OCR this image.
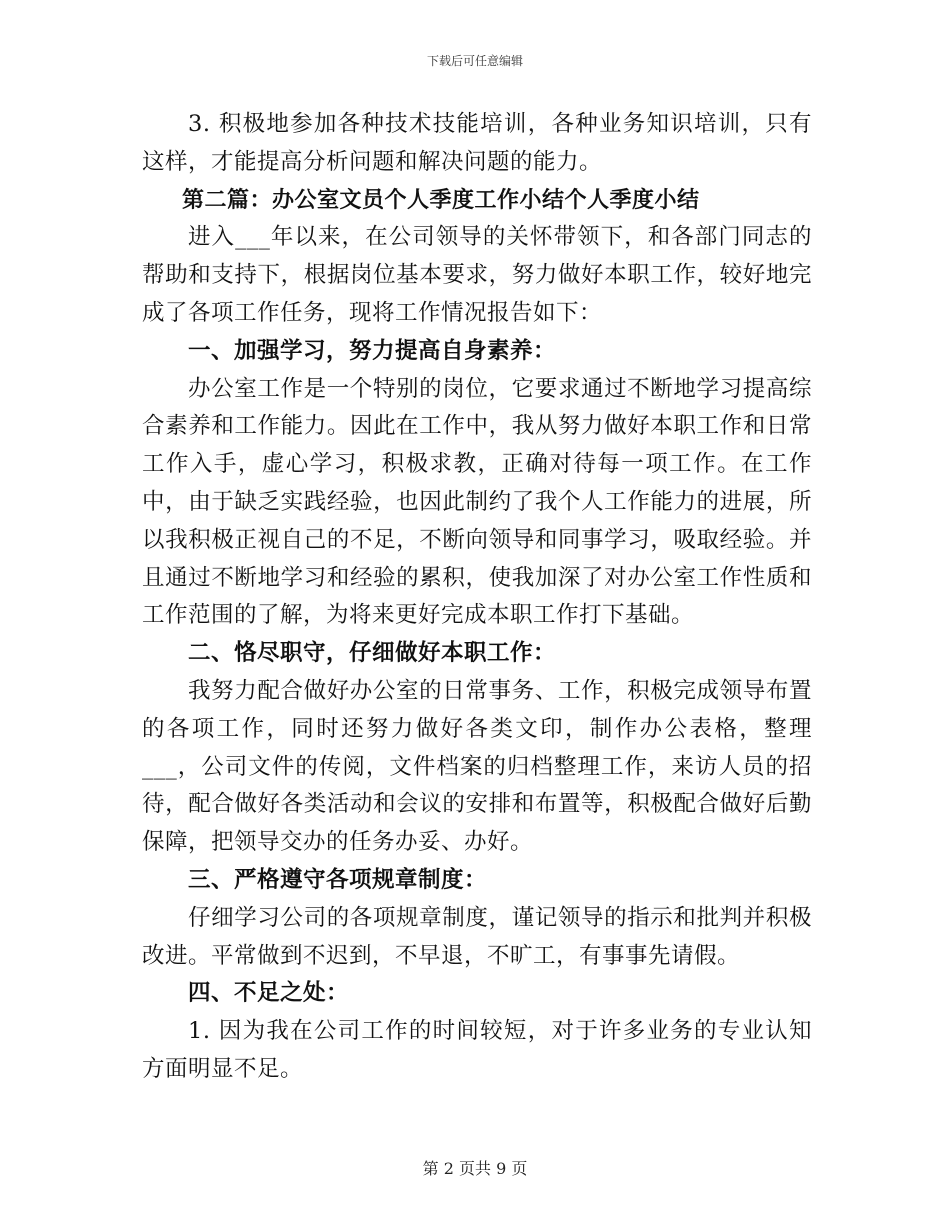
下载后可任意编辑

3. 积极地参加各种技术技能培训，各种业务知识培训，只有这样，才能提高分析问题和解决问题的能力。

第二篇：办公室文员个人季度工作小结个人季度小结

进入___年以来，在公司领导的关怀带领下，和各部门同志的帮助和支持下，根据岗位基本要求，努力做好本职工作，较好地完成了各项工作任务，现将工作情况报告如下：

一、加强学习，努力提高自身素养：

办公室工作是一个特别的岗位，它要求通过不断地学习提高综合素养和工作能力。因此在工作中，我从努力做好本职工作和日常工作入手，虚心学习，积极求教，正确对待每一项工作。在工作中，由于缺乏实践经验，也因此制约了我个人工作能力的进展，所以我积极正视自己的不足，不断向领导和同事学习，吸取经验。并且通过不断地学习和经验的累积，使我加深了对办公室工作性质和工作范围的了解，为将来更好完成本职工作打下基础。

二、恪尽职守，仔细做好本职工作：

我努力配合做好办公室的日常事务、工作，积极完成领导布置的各项工作，同时还努力做好各类文印，制作办公表格，整理___，公司文件的传阅，文件档案的归档整理工作，来访人员的招待，配合做好各类活动和会议的安排和布置等，积极配合做好后勤保障，把领导交办的任务办妥、办好。

三、严格遵守各项规章制度：

仔细学习公司的各项规章制度，谨记领导的指示和批判并积极改进。平常做到不迟到，不早退，不旷工，有事事先请假。

四、不足之处：

1. 因为我在公司工作的时间较短，对于许多业务的专业认知方面明显不足。

第 2 页共 9 页
